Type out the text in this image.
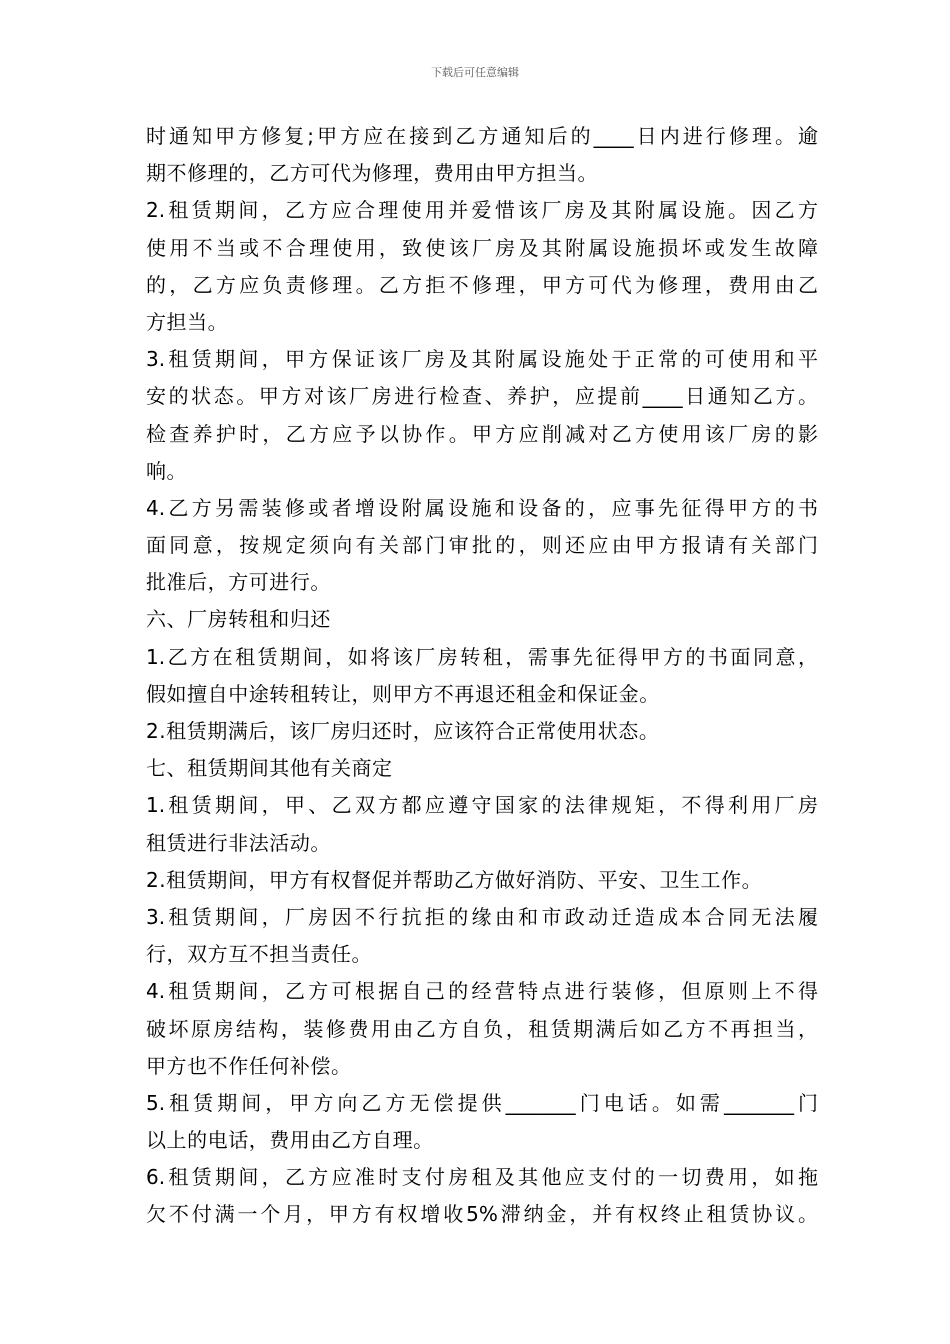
下载后可任意编辑
时通知甲方修复;甲方应在接到乙方通知后的____日内进行修理。逾
期不修理的，乙方可代为修理，费用由甲方担当。
2.租赁期间，乙方应合理使用并爱惜该厂房及其附属设施。因乙方
使用不当或不合理使用，致使该厂房及其附属设施损坏或发生故障
的，乙方应负责修理。乙方拒不修理，甲方可代为修理，费用由乙
方担当。
3.租赁期间，甲方保证该厂房及其附属设施处于正常的可使用和平
安的状态。甲方对该厂房进行检查、养护，应提前____日通知乙方。
检查养护时，乙方应予以协作。甲方应削减对乙方使用该厂房的影
响。
4.乙方另需装修或者增设附属设施和设备的，应事先征得甲方的书
面同意，按规定须向有关部门审批的，则还应由甲方报请有关部门
批准后，方可进行。
六、厂房转租和归还
1.乙方在租赁期间，如将该厂房转租，需事先征得甲方的书面同意，
假如擅自中途转租转让，则甲方不再退还租金和保证金。
2.租赁期满后，该厂房归还时，应该符合正常使用状态。
七、租赁期间其他有关商定
1.租赁期间，甲、乙双方都应遵守国家的法律规矩，不得利用厂房
租赁进行非法活动。
2.租赁期间，甲方有权督促并帮助乙方做好消防、平安、卫生工作。
3.租赁期间，厂房因不行抗拒的缘由和市政动迁造成本合同无法履
行，双方互不担当责任。
4.租赁期间，乙方可根据自己的经营特点进行装修，但原则上不得
破坏原房结构，装修费用由乙方自负，租赁期满后如乙方不再担当，
甲方也不作任何补偿。
5.租赁期间，甲方向乙方无偿提供_______门电话。如需_______门
以上的电话，费用由乙方自理。
6.租赁期间，乙方应准时支付房租及其他应支付的一切费用，如拖
欠不付满一个月，甲方有权增收5%滞纳金，并有权终止租赁协议。
